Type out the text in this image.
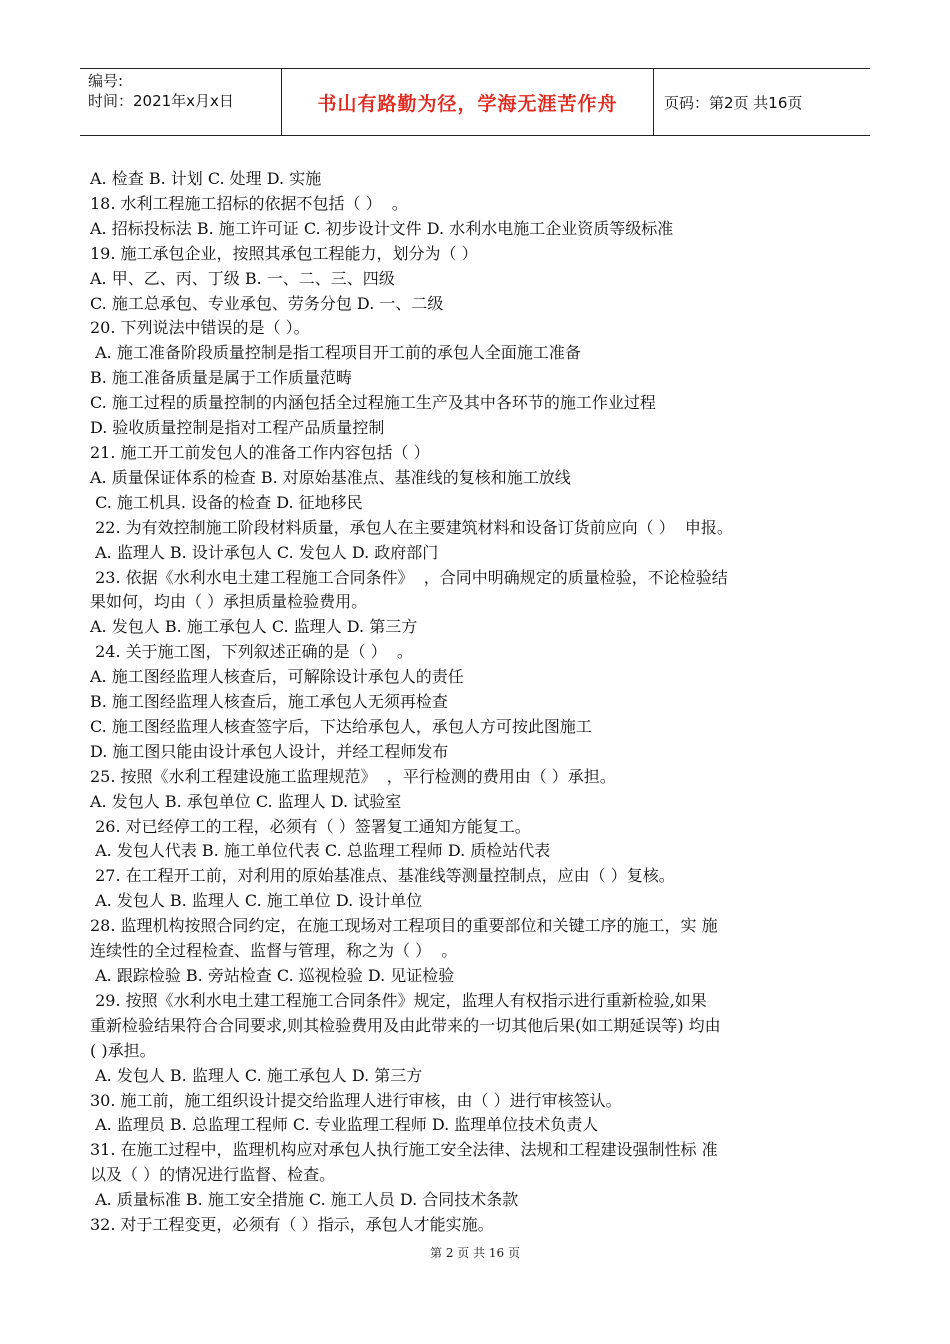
编号:
时间：2021年x月x日	书山有路勤为径，学海无涯苦作舟	页码：第2页 共16页
A. 检查 B. 计划 C. 处理 D. 实施
18. 水利工程施工招标的依据不包括（ ）  。
A. 招标投标法 B. 施工许可证 C. 初步设计文件 D. 水利水电施工企业资质等级标准
19. 施工承包企业，按照其承包工程能力，划分为（ ）
A. 甲、乙、丙、丁级 B. 一、二、三、四级
C. 施工总承包、专业承包、劳务分包 D. 一、二级
20. 下列说法中错误的是（ ）。
A. 施工准备阶段质量控制是指工程项目开工前的承包人全面施工准备
B. 施工准备质量是属于工作质量范畴
C. 施工过程的质量控制的内涵包括全过程施工生产及其中各环节的施工作业过程
D. 验收质量控制是指对工程产品质量控制
21. 施工开工前发包人的准备工作内容包括（ ）
A. 质量保证体系的检查 B. 对原始基准点、基准线的复核和施工放线
C. 施工机具. 设备的检查 D. 征地移民
22. 为有效控制施工阶段材料质量，承包人在主要建筑材料和设备订货前应向（ ）  申报。
A. 监理人 B. 设计承包人 C. 发包人 D. 政府部门
23. 依据《水利水电土建工程施工合同条件》  ，合同中明确规定的质量检验，不论检验结
果如何，均由（ ）承担质量检验费用。
A. 发包人 B. 施工承包人 C. 监理人 D. 第三方
24. 关于施工图，下列叙述正确的是（ ）  。
A. 施工图经监理人核查后，可解除设计承包人的责任
B. 施工图经监理人核查后，施工承包人无须再检查
C. 施工图经监理人核查签字后，下达给承包人，承包人方可按此图施工
D. 施工图只能由设计承包人设计，并经工程师发布
25. 按照《水利工程建设施工监理规范》  ，平行检测的费用由（ ）承担。
A. 发包人 B. 承包单位 C. 监理人 D. 试验室
26. 对已经停工的工程，必须有（ ）签署复工通知方能复工。
A. 发包人代表 B. 施工单位代表 C. 总监理工程师 D. 质检站代表
27. 在工程开工前，对利用的原始基准点、基准线等测量控制点，应由（ ）复核。
A. 发包人 B. 监理人 C. 施工单位 D. 设计单位
28. 监理机构按照合同约定，在施工现场对工程项目的重要部位和关键工序的施工，实 施
连续性的全过程检查、监督与管理，称之为（ ）  。
A. 跟踪检验 B. 旁站检查 C. 巡视检验 D. 见证检验
29. 按照《水利水电土建工程施工合同条件》规定，监理人有权指示进行重新检验,如果
重新检验结果符合合同要求,则其检验费用及由此带来的一切其他后果(如工期延误等) 均由
( )承担。
A. 发包人 B. 监理人 C. 施工承包人 D. 第三方
30. 施工前，施工组织设计提交给监理人进行审核，由（ ）进行审核签认。
A. 监理员 B. 总监理工程师 C. 专业监理工程师 D. 监理单位技术负责人
31. 在施工过程中，监理机构应对承包人执行施工安全法律、法规和工程建设强制性标 准
以及（ ）的情况进行监督、检查。
A. 质量标准 B. 施工安全措施 C. 施工人员 D. 合同技术条款
32. 对于工程变更，必须有（ ）指示，承包人才能实施。
第 2 页 共 16 页
